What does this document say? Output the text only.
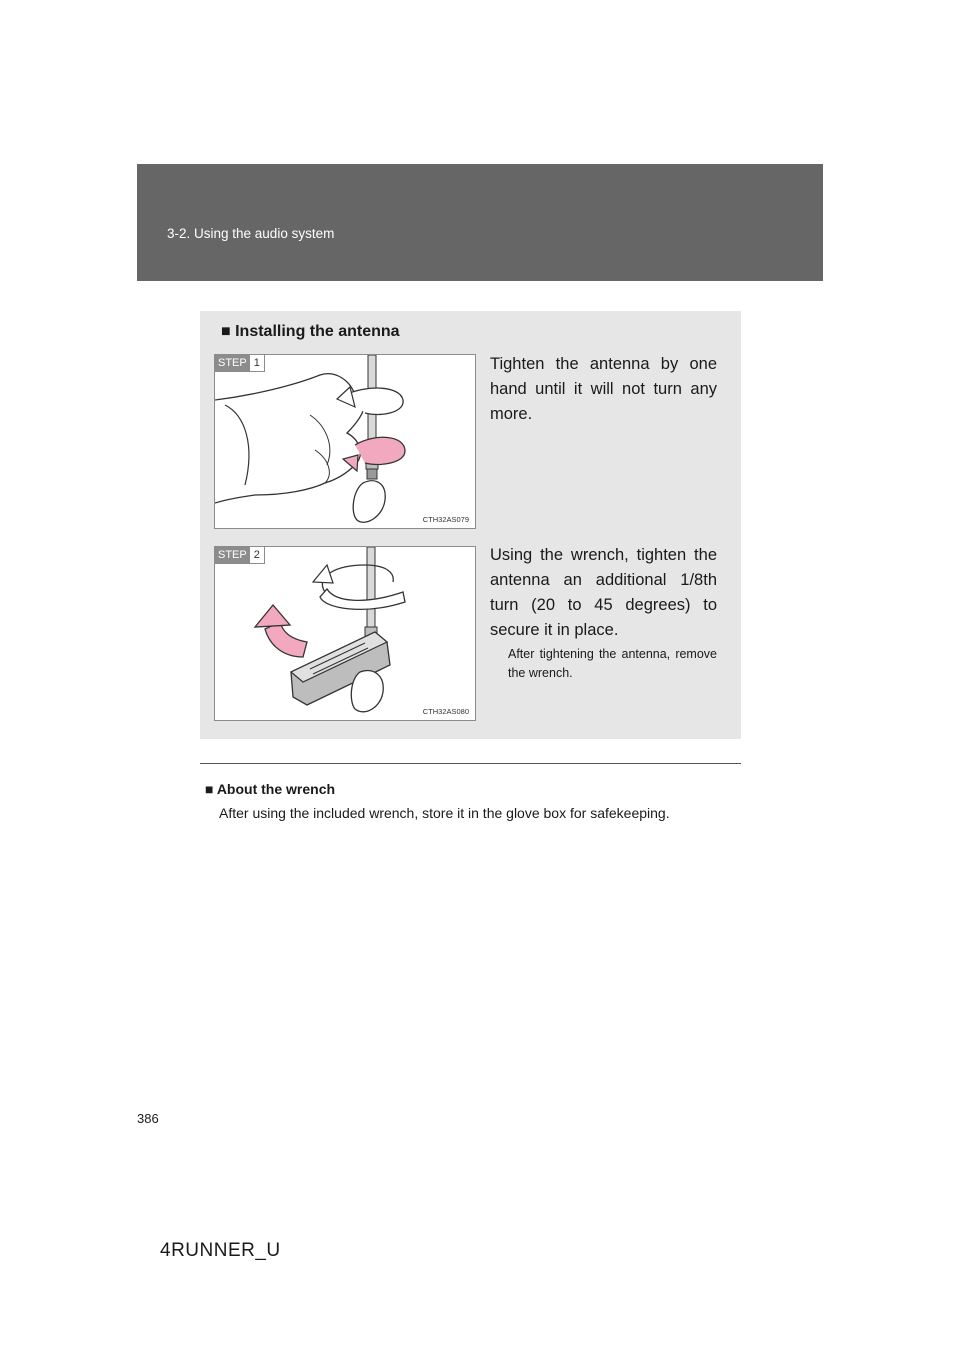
3-2. Using the audio system
■ Installing the antenna
STEP 1
CTH32AS079
Tighten the antenna by one hand until it will not turn any more.
STEP 2
CTH32AS080
Using the wrench, tighten the antenna an additional 1/8th turn (20 to 45 degrees) to secure it in place.
After tightening the antenna, remove the wrench.
■ About the wrench
After using the included wrench, store it in the glove box for safekeeping.
386
4RUNNER_U
